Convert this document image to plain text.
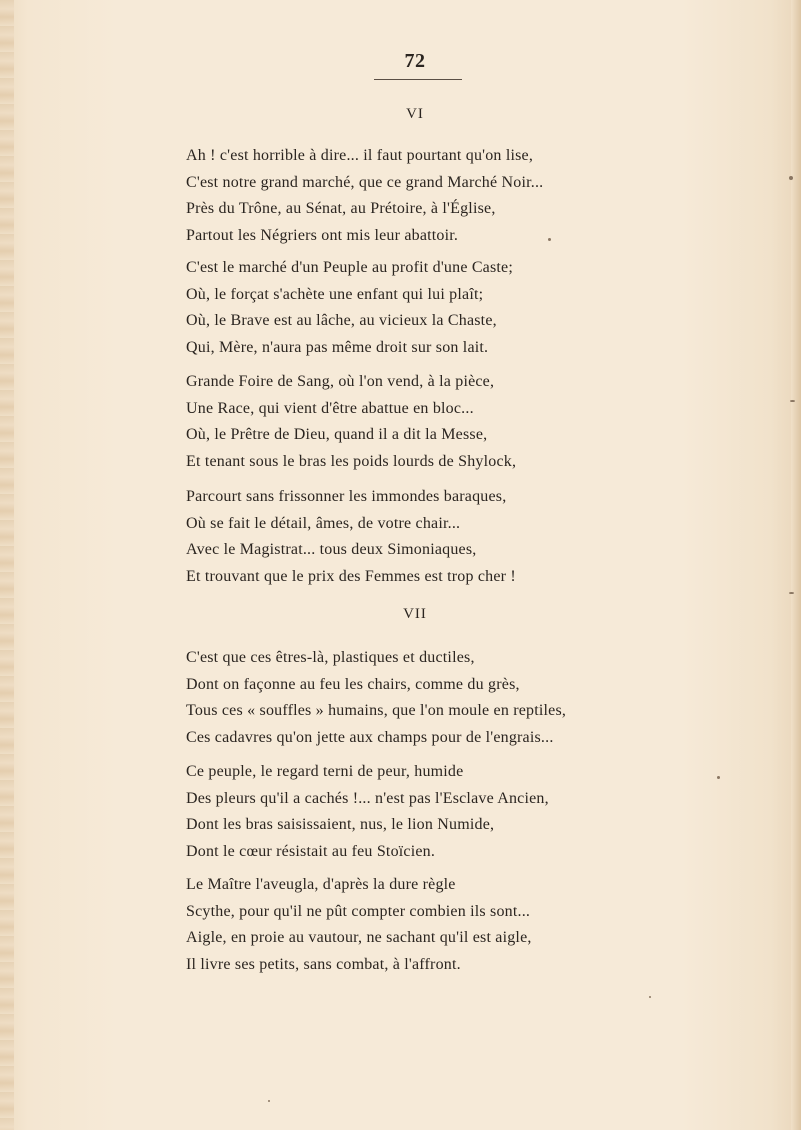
72
VI
Ah ! c'est horrible à dire... il faut pourtant qu'on lise,
C'est notre grand marché, que ce grand Marché Noir...
Près du Trône, au Sénat, au Prétoire, à l'Église,
Partout les Négriers ont mis leur abattoir.
C'est le marché d'un Peuple au profit d'une Caste;
Où, le forçat s'achète une enfant qui lui plaît;
Où, le Brave est au lâche, au vicieux la Chaste,
Qui, Mère, n'aura pas même droit sur son lait.
Grande Foire de Sang, où l'on vend, à la pièce,
Une Race, qui vient d'être abattue en bloc...
Où, le Prêtre de Dieu, quand il a dit la Messe,
Et tenant sous le bras les poids lourds de Shylock,
Parcourt sans frissonner les immondes baraques,
Où se fait le détail, âmes, de votre chair...
Avec le Magistrat... tous deux Simoniaques,
Et trouvant que le prix des Femmes est trop cher !
VII
C'est que ces êtres-là, plastiques et ductiles,
Dont on façonne au feu les chairs, comme du grès,
Tous ces « souffles » humains, que l'on moule en reptiles,
Ces cadavres qu'on jette aux champs pour de l'engrais...
Ce peuple, le regard terni de peur, humide
Des pleurs qu'il a cachés !... n'est pas l'Esclave Ancien,
Dont les bras saisissaient, nus, le lion Numide,
Dont le cœur résistait au feu Stoïcien.
Le Maître l'aveugla, d'après la dure règle
Scythe, pour qu'il ne pût compter combien ils sont...
Aigle, en proie au vautour, ne sachant qu'il est aigle,
Il livre ses petits, sans combat, à l'affront.
